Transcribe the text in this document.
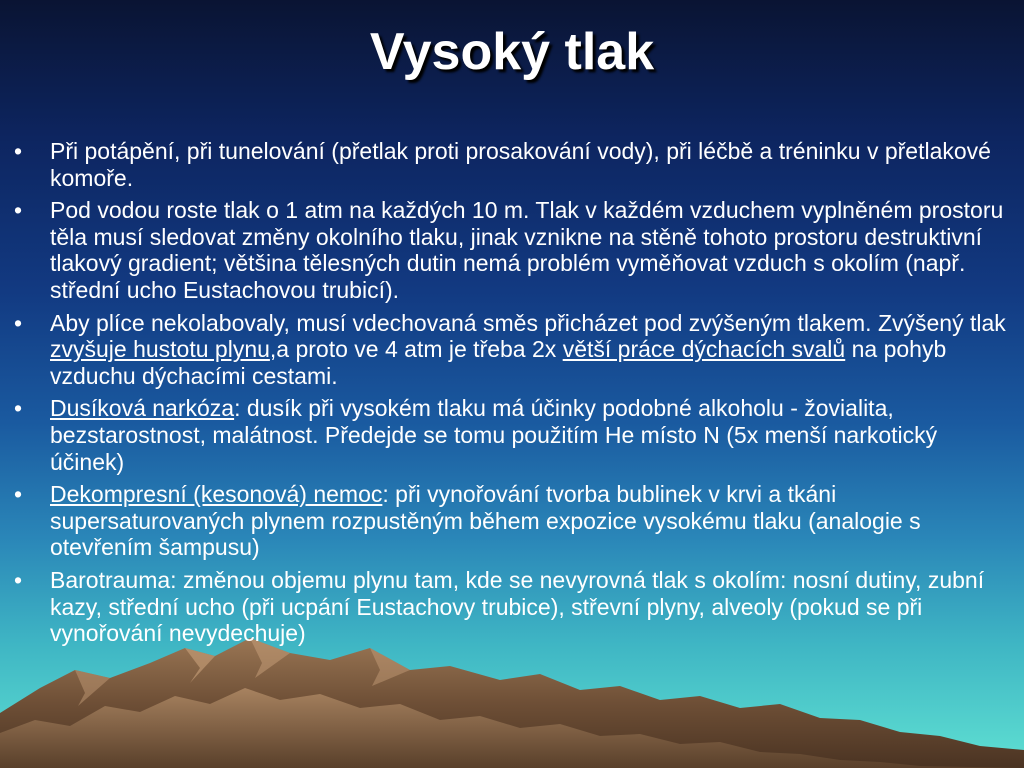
Vysoký tlak
•	Při potápění, při tunelování (přetlak proti prosakování vody), při léčbě a tréninku v přetlakové komoře.
•	Pod vodou roste tlak o 1 atm na každých 10 m. Tlak v každém vzduchem vyplněném prostoru těla musí sledovat změny okolního tlaku, jinak vznikne na stěně tohoto prostoru destruktivní tlakový gradient; většina tělesných dutin nemá problém vyměňovat vzduch s okolím (např. střední ucho Eustachovou trubicí).
•	Aby plíce nekolabovaly, musí vdechovaná směs přicházet pod zvýšeným tlakem. Zvýšený tlak zvyšuje hustotu plynu,a proto ve 4 atm je třeba 2x větší práce dýchacích svalů na pohyb vzduchu dýchacími cestami.
•	Dusíková narkóza: dusík při vysokém tlaku má účinky podobné alkoholu - žovialita, bezstarostnost, malátnost. Předejde se tomu použitím He místo N (5x menší narkotický účinek)
•	Dekompresní (kesonová) nemoc: při vynořování tvorba bublinek v krvi a tkáni supersaturovaných plynem rozpustěným během expozice vysokému tlaku (analogie s otevřením šampusu)
•	Barotrauma: změnou objemu plynu tam, kde se nevyrovná tlak s okolím: nosní dutiny, zubní kazy, střední ucho (při ucpání Eustachovy trubice), střevní plyny, alveoly (pokud se při vynořování nevydechuje)
